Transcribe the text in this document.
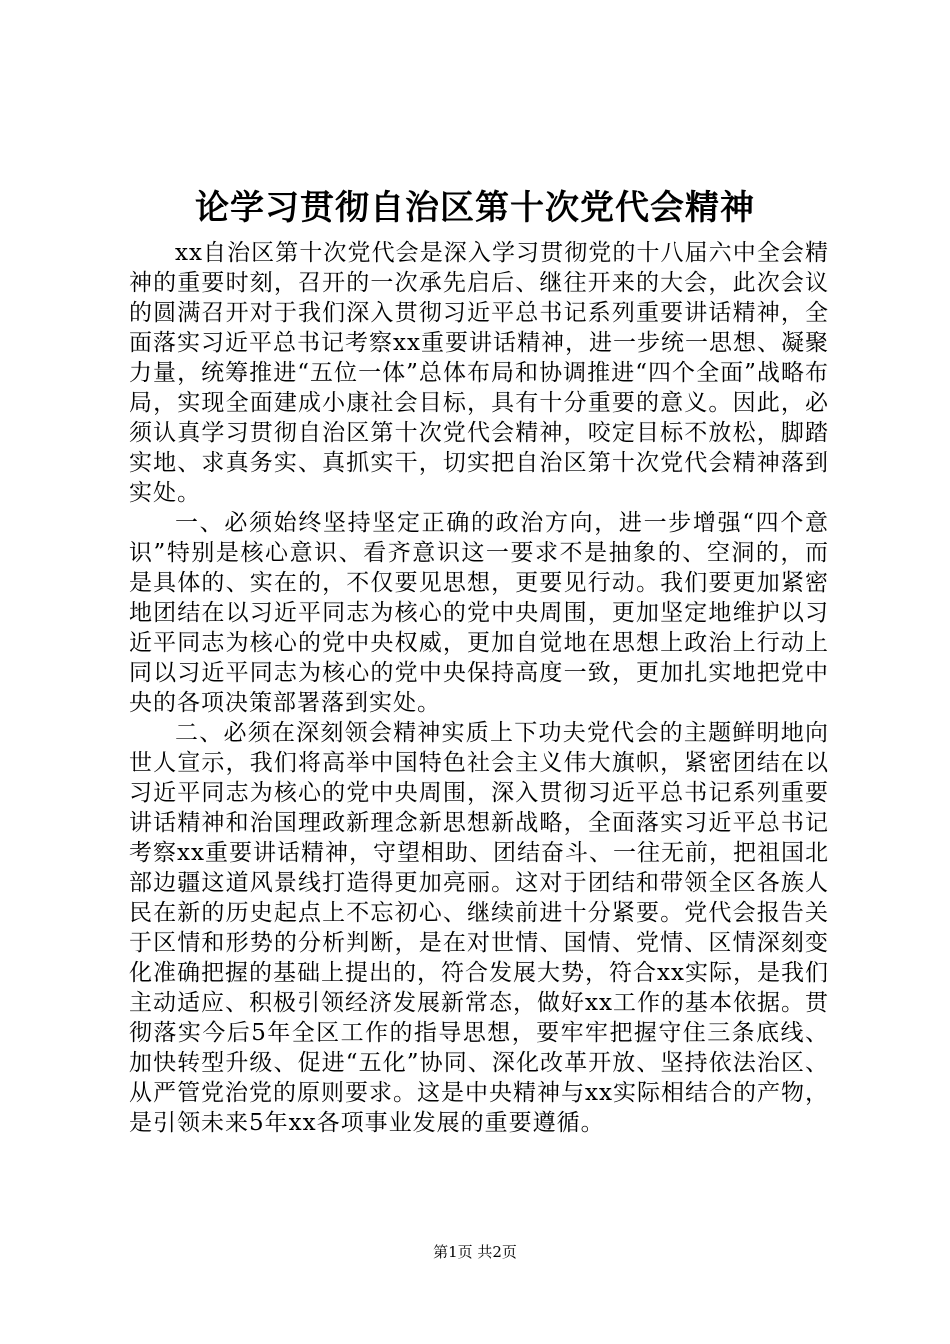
论学习贯彻自治区第十次党代会精神

xx自治区第十次党代会是深入学习贯彻党的十八届六中全会精神的重要时刻，召开的一次承先启后、继往开来的大会，此次会议的圆满召开对于我们深入贯彻习近平总书记系列重要讲话精神，全面落实习近平总书记考察xx重要讲话精神，进一步统一思想、凝聚力量，统筹推进“五位一体”总体布局和协调推进“四个全面”战略布局，实现全面建成小康社会目标，具有十分重要的意义。因此，必须认真学习贯彻自治区第十次党代会精神，咬定目标不放松，脚踏实地、求真务实、真抓实干，切实把自治区第十次党代会精神落到实处。

一、必须始终坚持坚定正确的政治方向，进一步增强“四个意识”特别是核心意识、看齐意识这一要求不是抽象的、空洞的，而是具体的、实在的，不仅要见思想，更要见行动。我们要更加紧密地团结在以习近平同志为核心的党中央周围，更加坚定地维护以习近平同志为核心的党中央权威，更加自觉地在思想上政治上行动上同以习近平同志为核心的党中央保持高度一致，更加扎实地把党中央的各项决策部署落到实处。

二、必须在深刻领会精神实质上下功夫党代会的主题鲜明地向世人宣示，我们将高举中国特色社会主义伟大旗帜，紧密团结在以习近平同志为核心的党中央周围，深入贯彻习近平总书记系列重要讲话精神和治国理政新理念新思想新战略，全面落实习近平总书记考察xx重要讲话精神，守望相助、团结奋斗、一往无前，把祖国北部边疆这道风景线打造得更加亮丽。这对于团结和带领全区各族人民在新的历史起点上不忘初心、继续前进十分紧要。党代会报告关于区情和形势的分析判断，是在对世情、国情、党情、区情深刻变化准确把握的基础上提出的，符合发展大势，符合xx实际，是我们主动适应、积极引领经济发展新常态，做好xx工作的基本依据。贯彻落实今后5年全区工作的指导思想，要牢牢把握守住三条底线、加快转型升级、促进“五化”协同、深化改革开放、坚持依法治区、从严管党治党的原则要求。这是中央精神与xx实际相结合的产物，是引领未来5年xx各项事业发展的重要遵循。

第1页 共2页
